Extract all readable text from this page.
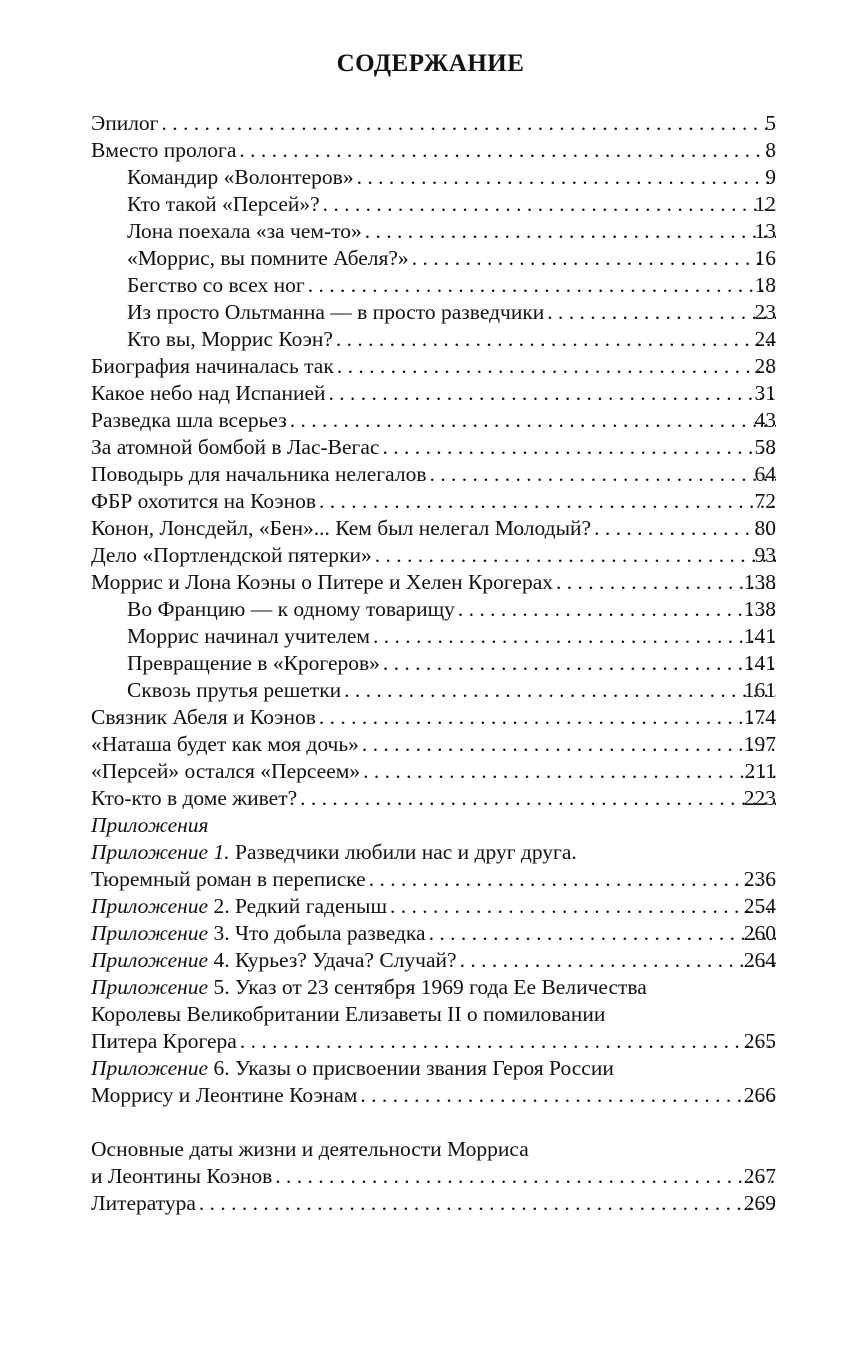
СОДЕРЖАНИЕ
Эпилог . . .	5
Вместо пролога . . .	8
Командир «Волонтеров» . . .	9
Кто такой «Персей»? . . .	12
Лона поехала «за чем-то» . . .	13
«Моррис, вы помните Абеля?» . . .	16
Бегство со всех ног . . .	18
Из просто Ольтманна — в просто разведчики . . .	23
Кто вы, Моррис Коэн? . . .	24
Биография начиналась так . . .	28
Какое небо над Испанией . . .	31
Разведка шла всерьез . . .	43
За атомной бомбой в Лас-Вегас . . .	58
Поводырь для начальника нелегалов . . .	64
ФБР охотится на Коэнов . . .	72
Конон, Лонсдейл, «Бен»... Кем был нелегал Молодый? . . .	80
Дело «Портлендской пятерки» . . .	93
Моррис и Лона Коэны о Питере и Хелен Крогерах . . .	138
Во Францию — к одному товарищу . . .	138
Моррис начинал учителем . . .	141
Превращение в «Крогеров» . . .	141
Сквозь прутья решетки . . .	161
Связник Абеля и Коэнов . . .	174
«Наташа будет как моя дочь» . . .	197
«Персей» остался «Персеем» . . .	211
Кто-кто в доме живет? . . .	223
Приложения
Приложение 1. Разведчики любили нас и друг друга.
Тюремный роман в переписке . . .	236
Приложение 2. Редкий гаденыш . . .	254
Приложение 3. Что добыла разведка . . .	260
Приложение 4. Курьез? Удача? Случай? . . .	264
Приложение 5. Указ от 23 сентября 1969 года Ее Величества
Королевы Великобритании Елизаветы II о помиловании
Питера Крогера . . .	265
Приложение 6. Указы о присвоении звания Героя России
Моррису и Леонтине Коэнам . . .	266
Основные даты жизни и деятельности Морриса
и Леонтины Коэнов . . .	267
Литература . . .	269
